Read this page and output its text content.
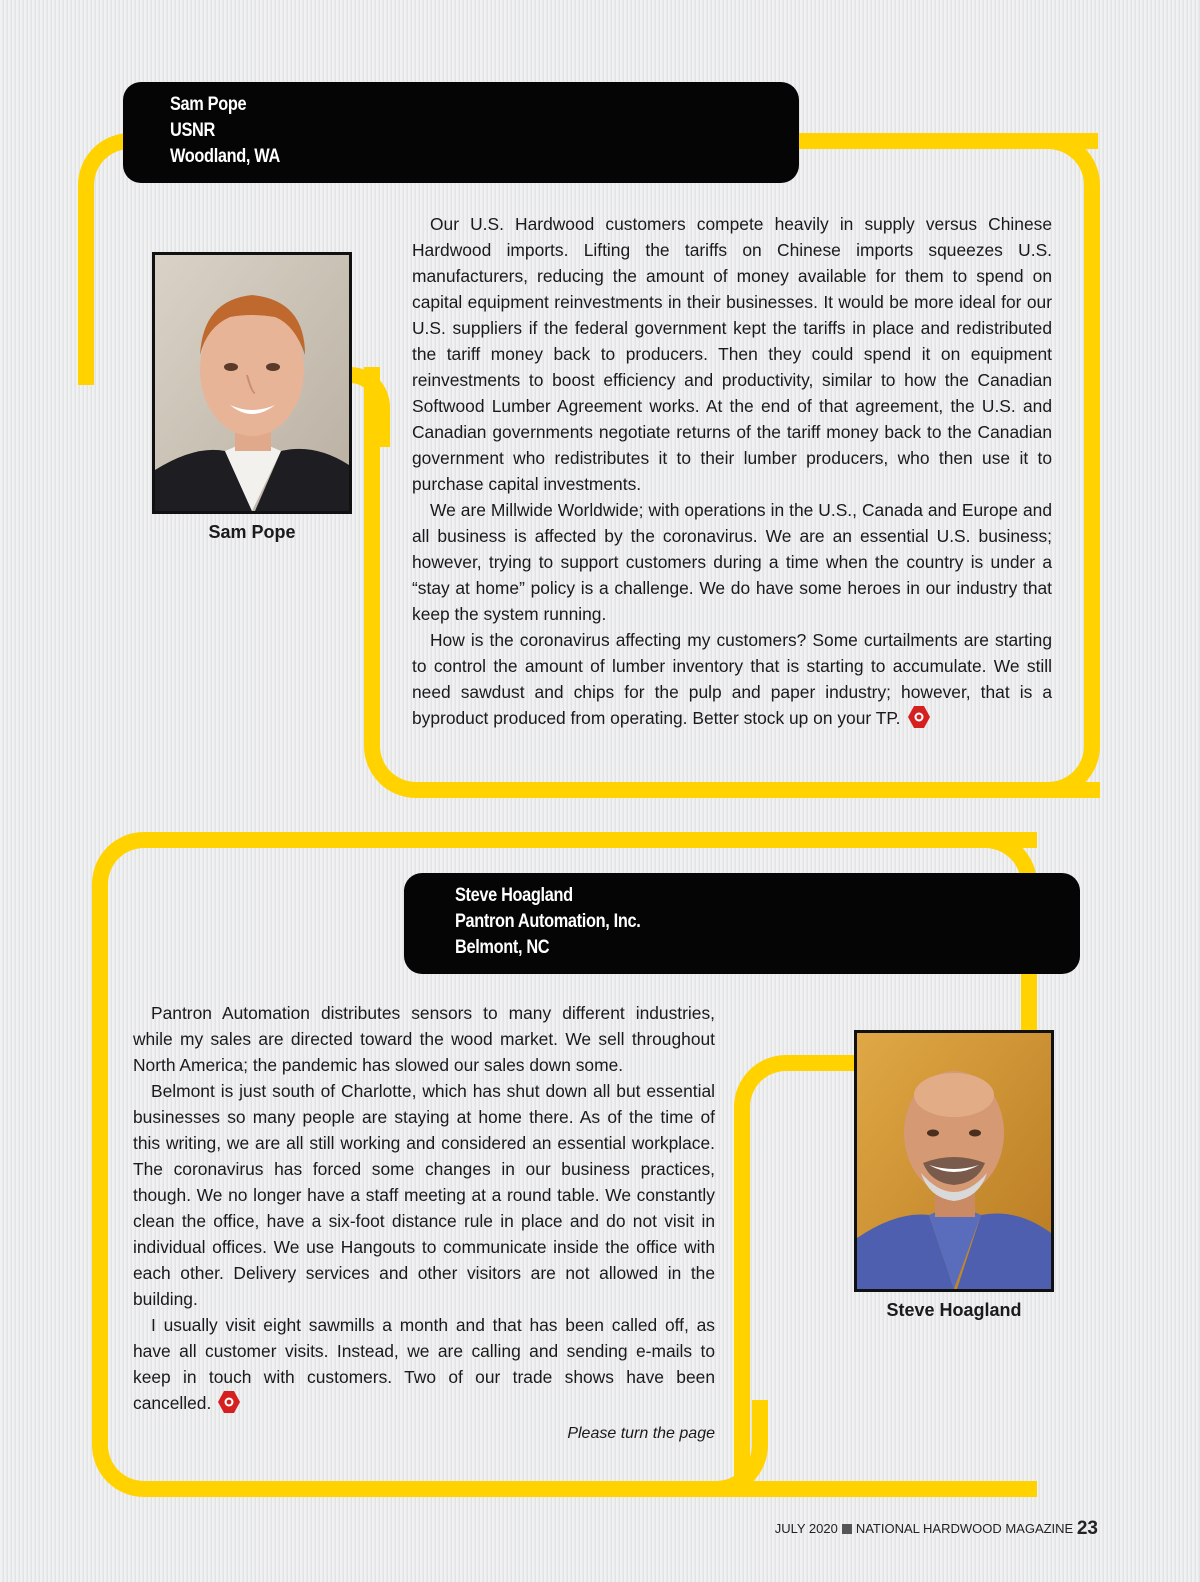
Sam Pope
USNR
Woodland, WA
Sam Pope

Our U.S. Hardwood customers compete heavily in supply versus Chinese Hardwood imports. Lifting the tariffs on Chinese imports squeezes U.S. manufacturers, reducing the amount of money available for them to spend on capital equipment reinvestments in their businesses. It would be more ideal for our U.S. suppliers if the federal government kept the tariffs in place and redistributed the tariff money back to producers. Then they could spend it on equipment reinvestments to boost efficiency and productivity, similar to how the Canadian Softwood Lumber Agreement works. At the end of that agreement, the U.S. and Canadian governments negotiate returns of the tariff money back to the Canadian government who redistributes it to their lumber producers, who then use it to purchase capital investments.

We are Millwide Worldwide; with operations in the U.S., Canada and Europe and all business is affected by the coronavirus. We are an essential U.S. business; however, trying to support customers during a time when the country is under a “stay at home” policy is a challenge. We do have some heroes in our industry that keep the system running.

How is the coronavirus affecting my customers? Some curtailments are starting to control the amount of lumber inventory that is starting to accumulate. We still need sawdust and chips for the pulp and paper industry; however, that is a byproduct produced from operating. Better stock up on your TP.

Steve Hoagland
Pantron Automation, Inc.
Belmont, NC

Pantron Automation distributes sensors to many different industries, while my sales are directed toward the wood market. We sell throughout North America; the pandemic has slowed our sales down some.

Belmont is just south of Charlotte, which has shut down all but essential businesses so many people are staying at home there. As of the time of this writing, we are all still working and considered an essential workplace. The coronavirus has forced some changes in our business practices, though. We no longer have a staff meeting at a round table. We constantly clean the office, have a six-foot distance rule in place and do not visit in individual offices. We use Hangouts to communicate inside the office with each other. Delivery services and other visitors are not allowed in the building.

I usually visit eight sawmills a month and that has been called off, as have all customer visits. Instead, we are calling and sending e-mails to keep in touch with customers. Two of our trade shows have been cancelled.

Please turn the page
Steve Hoagland
JULY 2020 NATIONAL HARDWOOD MAGAZINE 23
